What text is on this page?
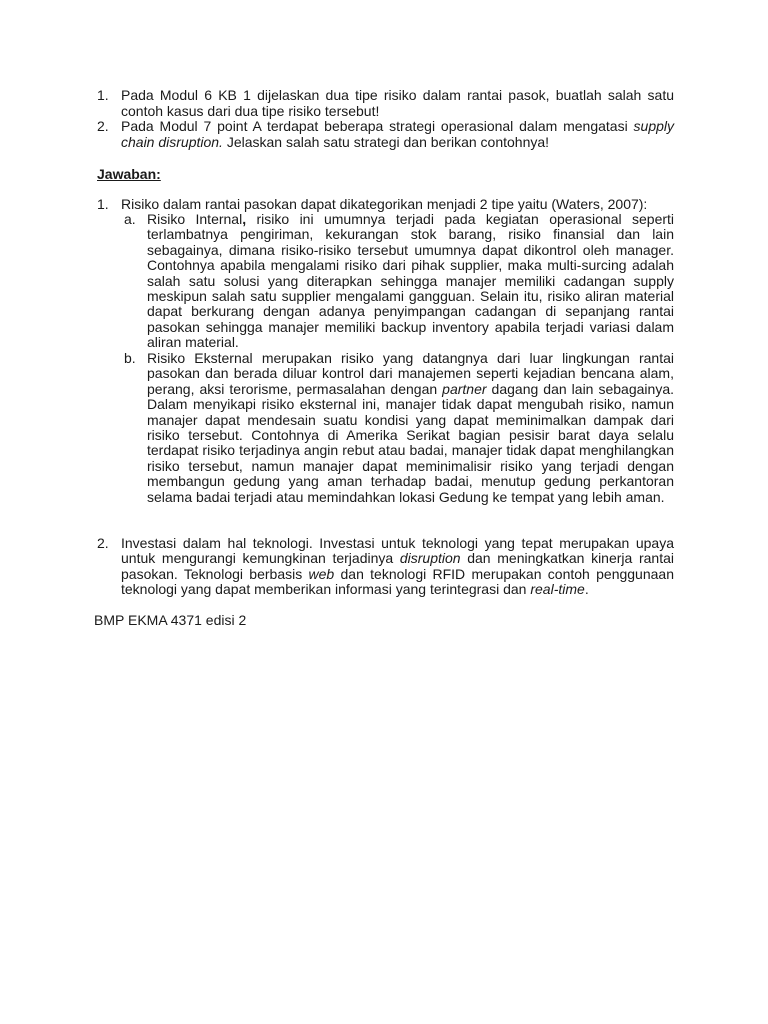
1. Pada Modul 6 KB 1 dijelaskan dua tipe risiko dalam rantai pasok, buatlah salah satu contoh kasus dari dua tipe risiko tersebut!
2. Pada Modul 7 point A terdapat beberapa strategi operasional dalam mengatasi supply chain disruption. Jelaskan salah satu strategi dan berikan contohnya!
Jawaban:
1. Risiko dalam rantai pasokan dapat dikategorikan menjadi 2 tipe yaitu (Waters, 2007):
a. Risiko Internal, risiko ini umumnya terjadi pada kegiatan operasional seperti terlambatnya pengiriman, kekurangan stok barang, risiko finansial dan lain sebagainya, dimana risiko-risiko tersebut umumnya dapat dikontrol oleh manager. Contohnya apabila mengalami risiko dari pihak supplier, maka multi-surcing adalah salah satu solusi yang diterapkan sehingga manajer memiliki cadangan supply meskipun salah satu supplier mengalami gangguan. Selain itu, risiko aliran material dapat berkurang dengan adanya penyimpangan cadangan di sepanjang rantai pasokan sehingga manajer memiliki backup inventory apabila terjadi variasi dalam aliran material.
b. Risiko Eksternal merupakan risiko yang datangnya dari luar lingkungan rantai pasokan dan berada diluar kontrol dari manajemen seperti kejadian bencana alam, perang, aksi terorisme, permasalahan dengan partner dagang dan lain sebagainya. Dalam menyikapi risiko eksternal ini, manajer tidak dapat mengubah risiko, namun manajer dapat mendesain suatu kondisi yang dapat meminimalkan dampak dari risiko tersebut. Contohnya di Amerika Serikat bagian pesisir barat daya selalu terdapat risiko terjadinya angin rebut atau badai, manajer tidak dapat menghilangkan risiko tersebut, namun manajer dapat meminimalisir risiko yang terjadi dengan membangun gedung yang aman terhadap badai, menutup gedung perkantoran selama badai terjadi atau memindahkan lokasi Gedung ke tempat yang lebih aman.
2. Investasi dalam hal teknologi. Investasi untuk teknologi yang tepat merupakan upaya untuk mengurangi kemungkinan terjadinya disruption dan meningkatkan kinerja rantai pasokan. Teknologi berbasis web dan teknologi RFID merupakan contoh penggunaan teknologi yang dapat memberikan informasi yang terintegrasi dan real-time.
BMP EKMA 4371 edisi 2
